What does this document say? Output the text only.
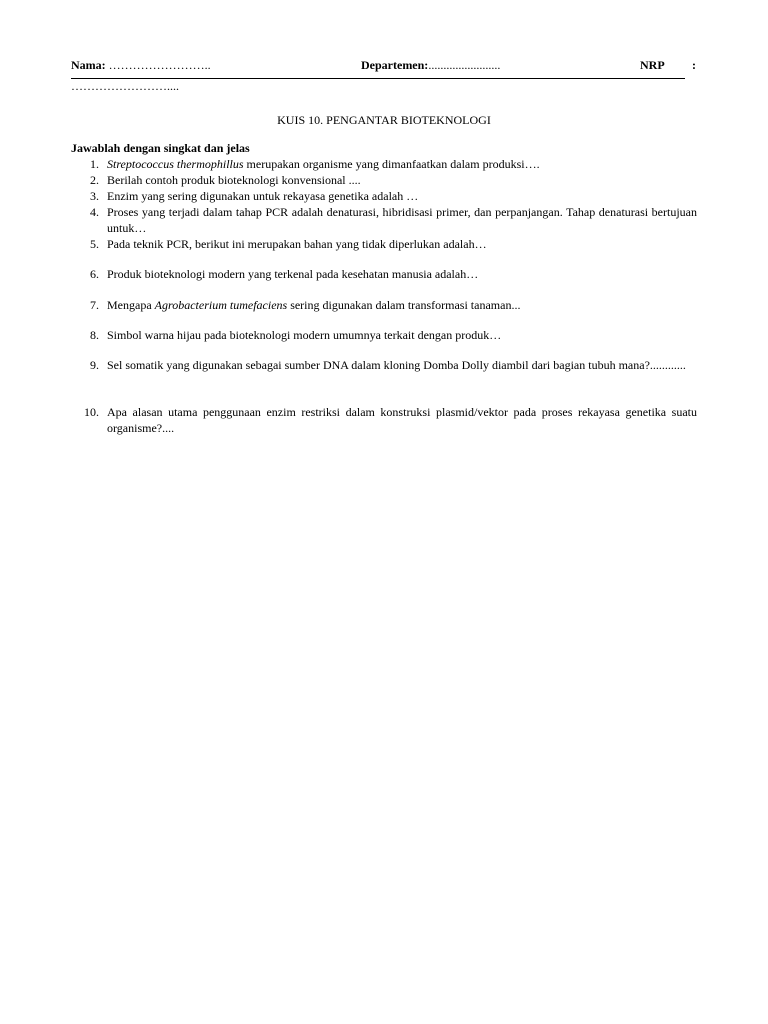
Nama: ……………………..	Departemen:........................	NRP :
……………………....
KUIS 10. PENGANTAR BIOTEKNOLOGI
Jawablah dengan singkat dan jelas
1. Streptococcus thermophillus merupakan organisme yang dimanfaatkan dalam produksi….
2. Berilah contoh produk bioteknologi konvensional ....
3. Enzim yang sering digunakan untuk rekayasa genetika adalah …
4. Proses yang terjadi dalam tahap PCR adalah denaturasi, hibridisasi primer, dan perpanjangan. Tahap denaturasi bertujuan untuk…
5. Pada teknik PCR, berikut ini merupakan bahan yang tidak diperlukan adalah…
6. Produk bioteknologi modern yang terkenal pada kesehatan manusia adalah…
7. Mengapa Agrobacterium tumefaciens sering digunakan dalam transformasi tanaman...
8. Simbol warna hijau pada bioteknologi modern umumnya terkait dengan produk…
9. Sel somatik yang digunakan sebagai sumber DNA dalam kloning Domba Dolly diambil dari bagian tubuh mana?............
10. Apa alasan utama penggunaan enzim restriksi dalam konstruksi plasmid/vektor pada proses rekayasa genetika suatu organisme?....
